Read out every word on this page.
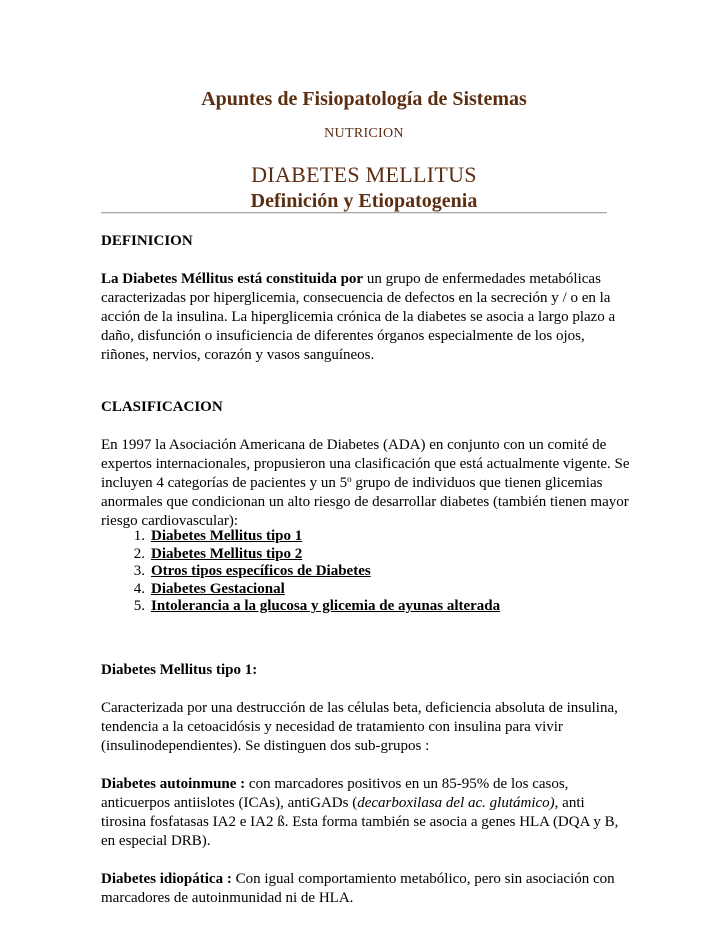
Apuntes de Fisiopatología de Sistemas
NUTRICION
DIABETES MELLITUS
Definición y Etiopatogenia

DEFINICION

La Diabetes Méllitus está constituida por un grupo de enfermedades metabólicas caracterizadas por hiperglicemia, consecuencia de defectos en la secreción y / o en la acción de la insulina. La hiperglicemia crónica de la diabetes se asocia a largo plazo a daño, disfunción o insuficiencia de diferentes órganos especialmente de los ojos, riñones, nervios, corazón y vasos sanguíneos.

CLASIFICACION

En 1997 la Asociación Americana de Diabetes (ADA) en conjunto con un comité de expertos internacionales, propusieron una clasificación que está actualmente vigente. Se incluyen 4 categorías de pacientes y un 5$^o$ grupo de individuos que tienen glicemias anormales que condicionan un alto riesgo de desarrollar diabetes (también tienen mayor riesgo cardiovascular):

1. Diabetes Mellitus tipo 1
2. Diabetes Mellitus tipo 2
3. Otros tipos específicos de Diabetes
4. Diabetes Gestacional
5. Intolerancia a la glucosa y glicemia de ayunas alterada

Diabetes Mellitus tipo 1:

Caracterizada por una destrucción de las células beta, deficiencia absoluta de insulina, tendencia a la cetoacidósis y necesidad de tratamiento con insulina para vivir (insulinodependientes). Se distinguen dos sub-grupos :

Diabetes autoinmune : con marcadores positivos en un 85-95% de los casos, anticuerpos antiislotes (ICAs), antiGADs (decarboxilasa del ac. glutámico), anti tirosina fosfatasas IA2 e IA2 ß. Esta forma también se asocia a genes HLA (DQA y B, en especial DRB).

Diabetes idiopática : Con igual comportamiento metabólico, pero sin asociación con marcadores de autoinmunidad ni de HLA.
